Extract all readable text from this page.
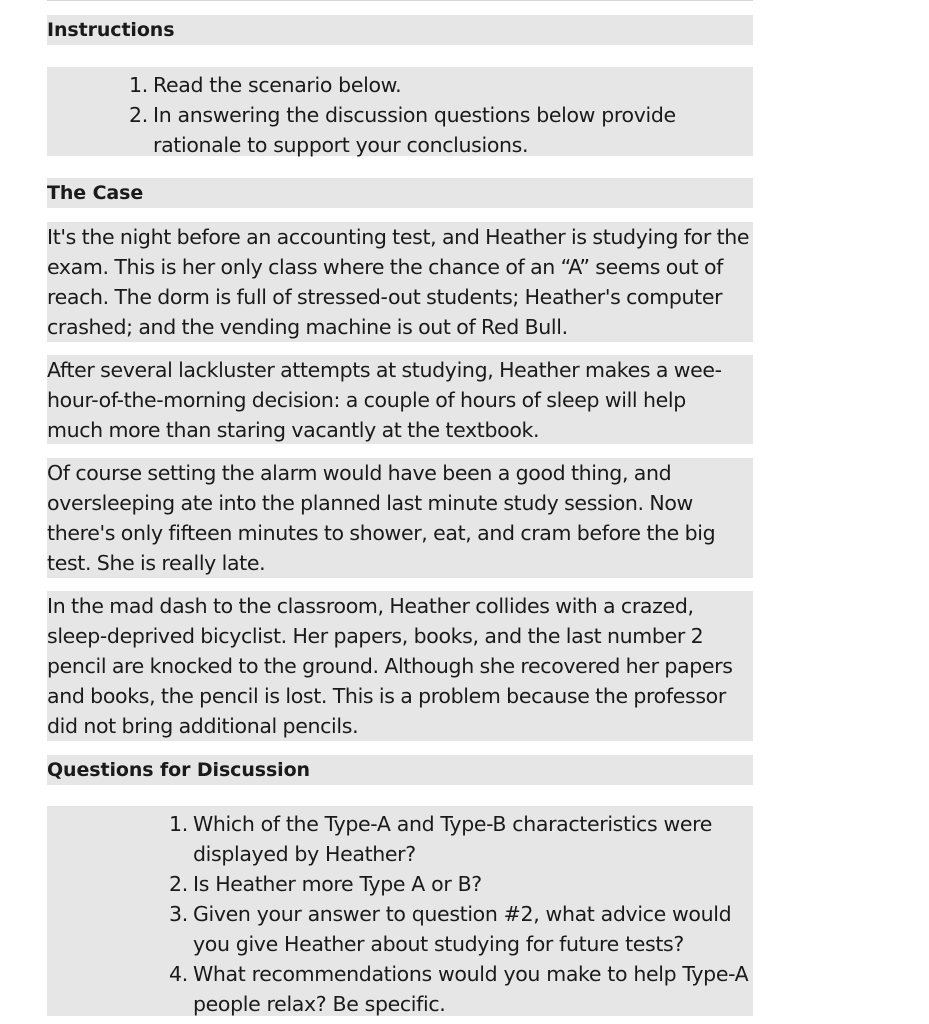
Instructions
1. Read the scenario below.
2. In answering the discussion questions below provide rationale to support your conclusions.
The Case
It's the night before an accounting test, and Heather is studying for the exam. This is her only class where the chance of an “A” seems out of reach. The dorm is full of stressed-out students; Heather's computer crashed; and the vending machine is out of Red Bull.
After several lackluster attempts at studying, Heather makes a wee-hour-of-the-morning decision: a couple of hours of sleep will help much more than staring vacantly at the textbook.
Of course setting the alarm would have been a good thing, and oversleeping ate into the planned last minute study session. Now there's only fifteen minutes to shower, eat, and cram before the big test. She is really late.
In the mad dash to the classroom, Heather collides with a crazed, sleep-deprived bicyclist. Her papers, books, and the last number 2 pencil are knocked to the ground. Although she recovered her papers and books, the pencil is lost. This is a problem because the professor did not bring additional pencils.
Questions for Discussion
1. Which of the Type-A and Type-B characteristics were displayed by Heather?
2. Is Heather more Type A or B?
3. Given your answer to question #2, what advice would you give Heather about studying for future tests?
4. What recommendations would you make to help Type-A people relax? Be specific.
